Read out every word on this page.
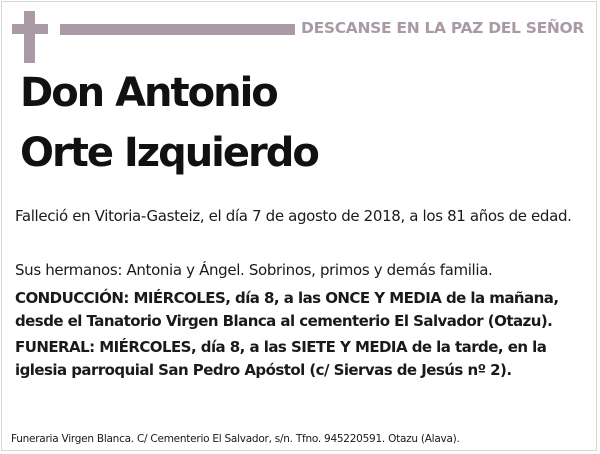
DESCANSE EN LA PAZ DEL SEÑOR
Don Antonio
Orte Izquierdo
Falleció en Vitoria-Gasteiz, el día 7 de agosto de 2018, a los 81 años de edad.
Sus hermanos: Antonia y Ángel. Sobrinos, primos y demás familia.
CONDUCCIÓN: MIÉRCOLES, día 8, a las ONCE Y MEDIA de la mañana, desde el Tanatorio Virgen Blanca al cementerio El Salvador (Otazu).
FUNERAL: MIÉRCOLES, día 8, a las SIETE Y MEDIA de la tarde, en la iglesia parroquial San Pedro Apóstol (c/ Siervas de Jesús nº 2).
Funeraria Virgen Blanca. C/ Cementerio El Salvador, s/n. Tfno. 945220591. Otazu (Alava).
